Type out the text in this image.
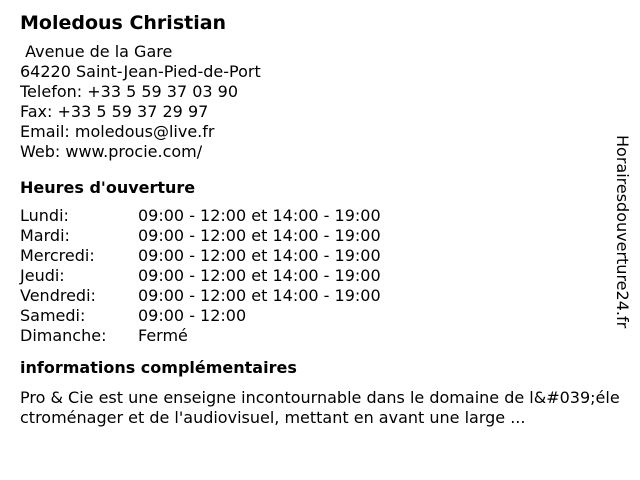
Moledous Christian
Avenue de la Gare
64220 Saint-Jean-Pied-de-Port
Telefon: +33 5 59 37 03 90
Fax: +33 5 59 37 29 97
Email: moledous@live.fr
Web: www.procie.com/
Heures d'ouverture
Lundi:	09:00 - 12:00 et 14:00 - 19:00
Mardi:	09:00 - 12:00 et 14:00 - 19:00
Mercredi:	09:00 - 12:00 et 14:00 - 19:00
Jeudi:	09:00 - 12:00 et 14:00 - 19:00
Vendredi:	09:00 - 12:00 et 14:00 - 19:00
Samedi:	09:00 - 12:00
Dimanche:	Fermé
informations complémentaires
Pro & Cie est une enseigne incontournable dans le domaine de l&#039;électroménager et de l'audiovisuel, mettant en avant une large ...
Horairesdouverture24.fr
